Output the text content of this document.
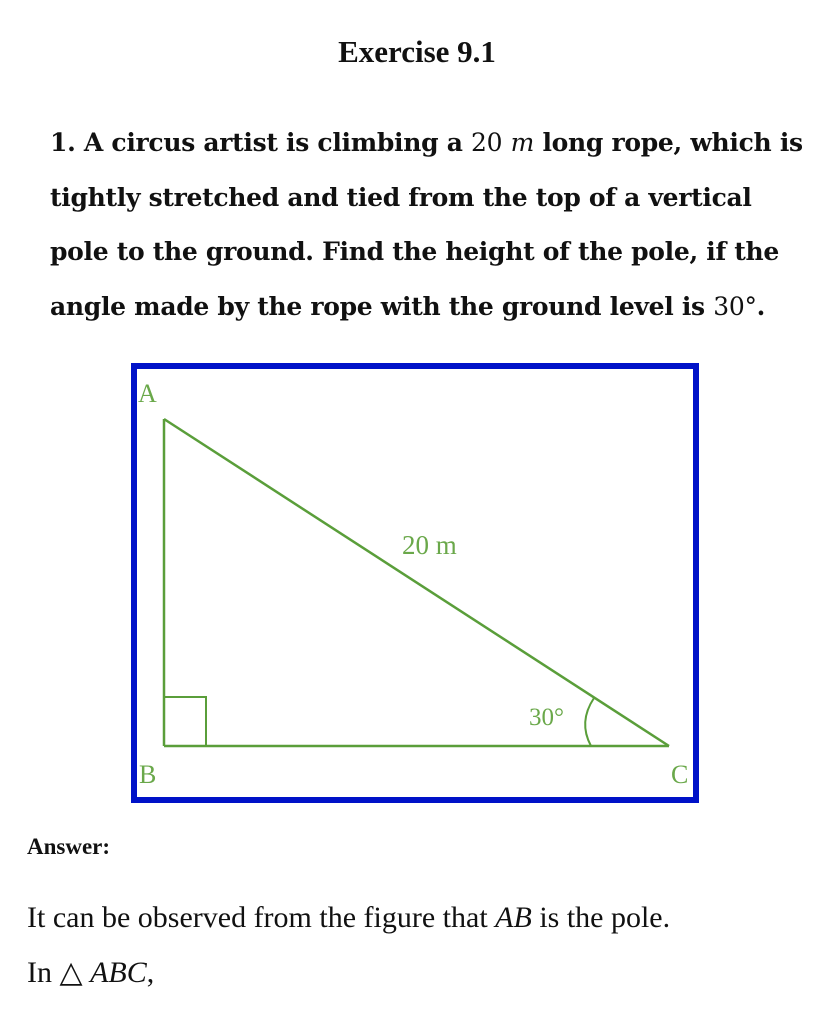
Exercise 9.1
1. A circus artist is climbing a 20 m long rope, which is
tightly stretched and tied from the top of a vertical
pole to the ground. Find the height of the pole, if the
angle made by the rope with the ground level is 30°.
A
B	C
20 m
30°
Answer:
It can be observed from the figure that AB is the pole.
In △ ABC,
